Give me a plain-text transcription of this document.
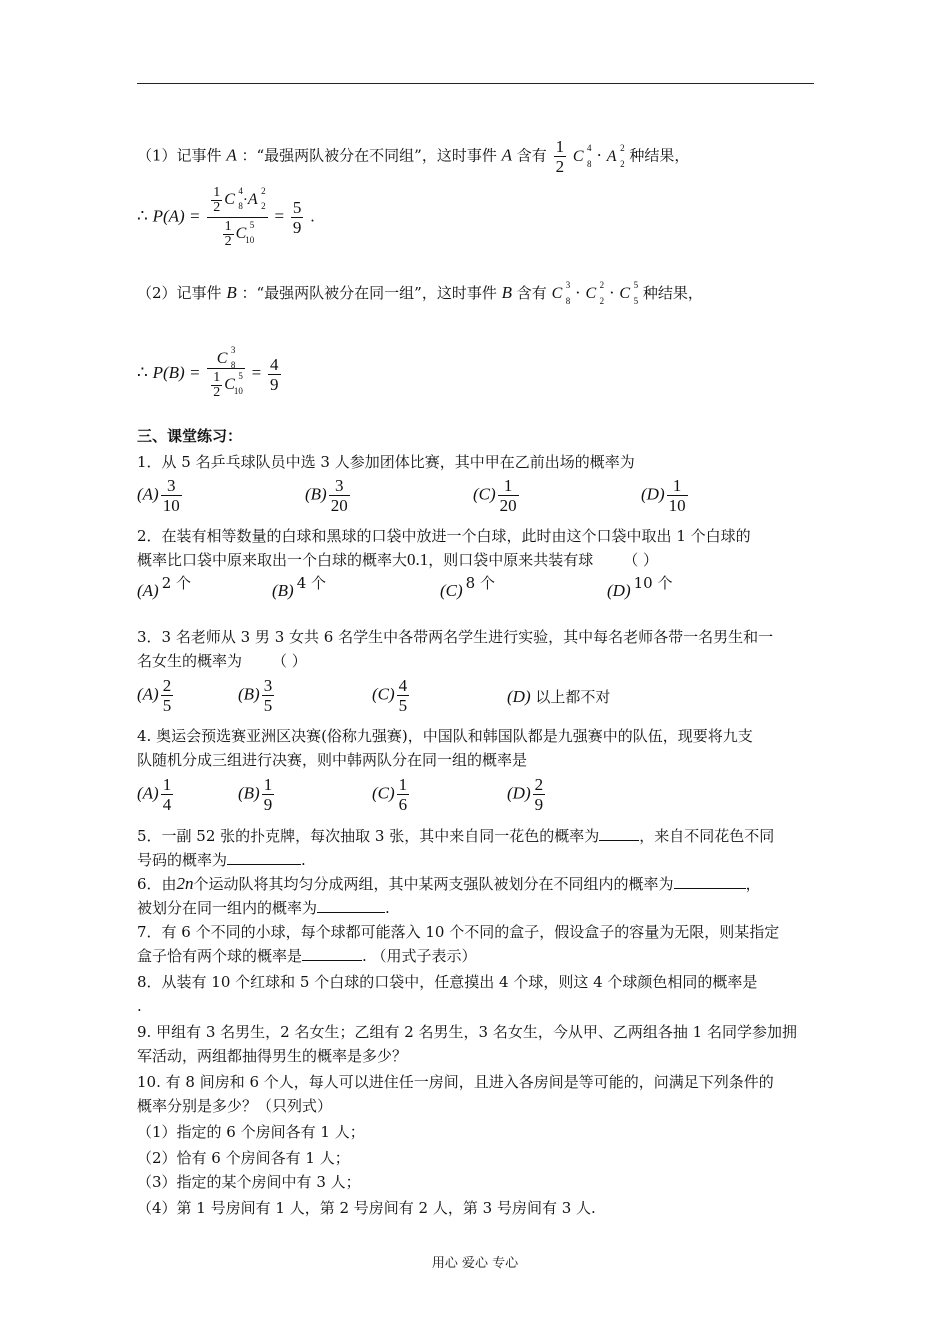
（1）记事件 A ：“最强两队被分在不同组”，这时事件 A 含有 $\frac{1}{2}$ C 4
8 · A 2
2 种结果，
∴ $P(A) = \frac{1}{2}$ C 4
8 ·A 2
2
$\frac{1}{2}$ C 5
$10 = \frac{5}{9}$ .
（2）记事件 B ：“最强两队被分在同一组”，这时事件 B 含有 C 3
8 · C 2
2 · C 5
5 种结果，
∴ P(B) = C 3
8
$\frac{1}{2}$ C 5
$10 = \frac{4}{9}$
三、课堂练习：
1．从 5 名乒乓球队员中选 3 人参加团体比赛，其中甲在乙前出场的概率为
$(A) \frac{3}{10}$	$(B) \frac{3}{20}$	$(C) \frac{1}{20}$	$(D) \frac{1}{10}$
2．在装有相等数量的白球和黑球的口袋中放进一个白球，此时由这个口袋中取出 1 个白球的
概率比口袋中原来取出一个白球的概率大0.1，则口袋中原来共装有球 （ ）
(A) 2 个	(B) 4 个	(C) 8 个	(D) 10 个
3．3 名老师从 3 男 3 女共 6 名学生中各带两名学生进行实验，其中每名老师各带一名男生和一
名女生的概率为 （ ）
$(A) \frac{2}{5}$	$(B) \frac{3}{5}$	$(C) \frac{4}{5}$	(D) 以上都不对
4. 奥运会预选赛亚洲区决赛(俗称九强赛)，中国队和韩国队都是九强赛中的队伍，现要将九支
队随机分成三组进行决赛，则中韩两队分在同一组的概率是
$(A) \frac{1}{4}$	$(B) \frac{1}{9}$	$(C) \frac{1}{6}$	$(D) \frac{2}{9}$
5．一副 52 张的扑克牌，每次抽取 3 张，其中来自同一花色的概率为	，来自不同花色不同
号码的概率为	.
6．由2n个运动队将其均匀分成两组，其中某两支强队被划分在不同组内的概率为	，
被划分在同一组内的概率为	.
7．有 6 个不同的小球，每个球都可能落入 10 个不同的盒子，假设盒子的容量为无限，则某指定
盒子恰有两个球的概率是	. （用式子表示）
8．从装有 10 个红球和 5 个白球的口袋中，任意摸出 4 个球，则这 4 个球颜色相同的概率是
.
9. 甲组有 3 名男生，2 名女生；乙组有 2 名男生，3 名女生，今从甲、乙两组各抽 1 名同学参加拥
军活动，两组都抽得男生的概率是多少？
10. 有 8 间房和 6 个人，每人可以进住任一房间，且进入各房间是等可能的，问满足下列条件的
概率分别是多少？（只列式）
（1）指定的 6 个房间各有 1 人；
（2）恰有 6 个房间各有 1 人；
（3）指定的某个房间中有 3 人；
（4）第 1 号房间有 1 人，第 2 号房间有 2 人，第 3 号房间有 3 人.
用心 爱心 专心
